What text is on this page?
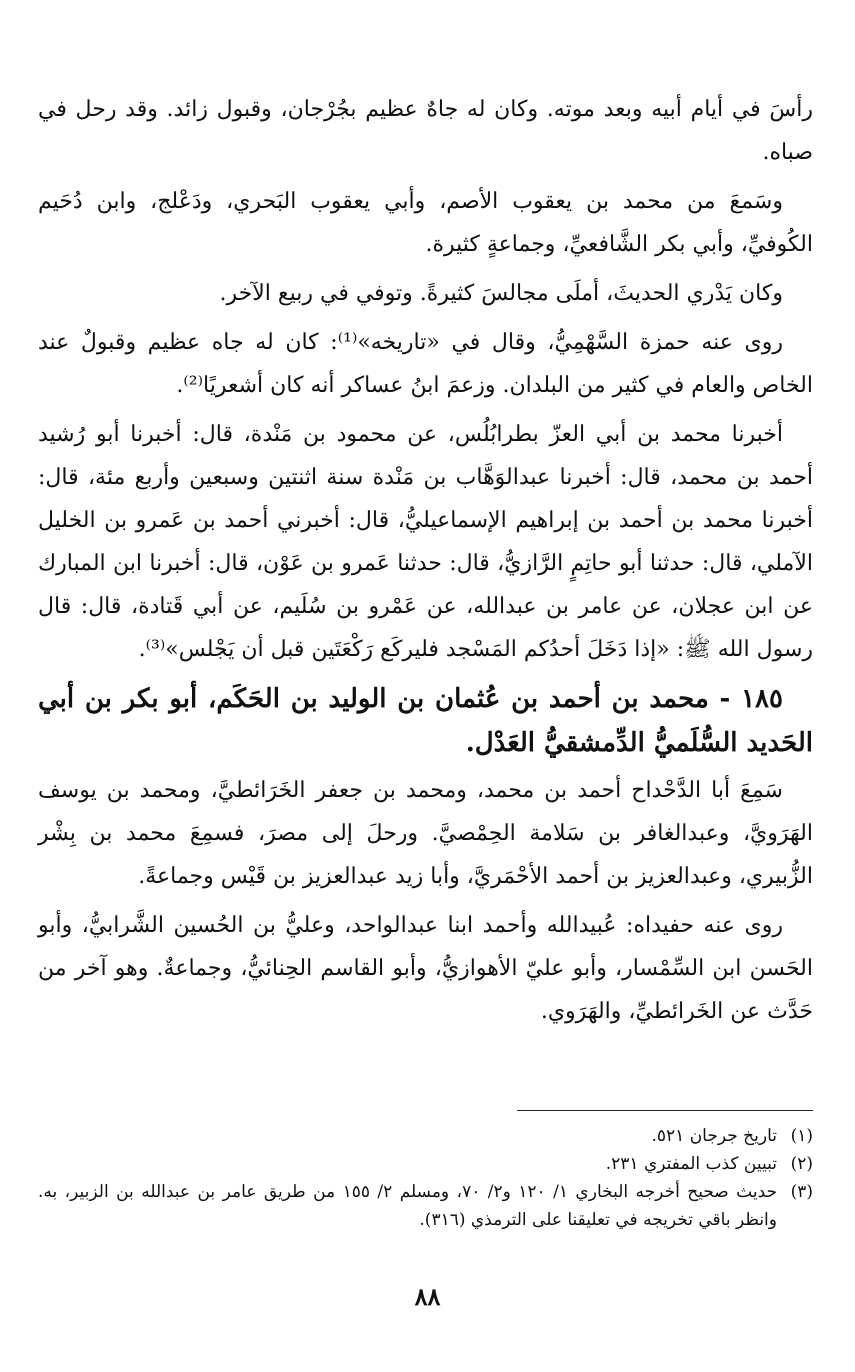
رأسَ في أيام أبيه وبعد موته. وكان له جاهٌ عظيم بجُرْجان، وقبول زائد. وقد رحل في صباه.

وسَمعَ من محمد بن يعقوب الأصم، وأبي يعقوب البَحري، ودَعْلج، وابن دُحَيم الكُوفيِّ، وأبي بكر الشَّافعيِّ، وجماعةٍ كثيرة.

وكان يَدْري الحديثَ، أملَى مجالسَ كثيرةً. وتوفي في ربيع الآخر.

روى عنه حمزة السَّهْمِيُّ، وقال في «تاريخه»⁽¹⁾: كان له جاه عظيم وقبولٌ عند الخاص والعام في كثير من البلدان. وزعمَ ابنُ عساكر أنه كان أشعريًا⁽²⁾.

أخبرنا محمد بن أبي العزّ بطرابُلُس، عن محمود بن مَنْدة، قال: أخبرنا أبو رُشيد أحمد بن محمد، قال: أخبرنا عبدالوَهَّاب بن مَنْدة سنة اثنتين وسبعين وأربع مئة، قال: أخبرنا محمد بن أحمد بن إبراهيم الإسماعيليُّ، قال: أخبرني أحمد بن عَمرو بن الخليل الآملي، قال: حدثنا أبو حاتِمٍ الرَّازيُّ، قال: حدثنا عَمرو بن عَوْن، قال: أخبرنا ابن المبارك عن ابن عجلان، عن عامر بن عبدالله، عن عَمْرو بن سُلَيم، عن أبي قَتادة، قال: قال رسول الله ﷺ: «إذا دَخَلَ أحدُكم المَسْجد فليركَع رَكْعَتَين قبل أن يَجْلس»⁽³⁾.

١٨٥ - محمد بن أحمد بن عُثمان بن الوليد بن الحَكَم، أبو بكر بن أبي الحَديد السُّلَميُّ الدِّمشقيُّ العَدْل.

سَمِعَ أبا الدَّحْداح أحمد بن محمد، ومحمد بن جعفر الخَرَائطيَّ، ومحمد بن يوسف الهَرَويَّ، وعبدالغافر بن سَلامة الحِمْصيَّ. ورحلَ إلى مصرَ، فسمِعَ محمد بن بِشْر الزُّبيري، وعبدالعزيز بن أحمد الأحْمَريَّ، وأبا زيد عبدالعزيز بن قَيْس وجماعةً.

روى عنه حفيداه: عُبيدالله وأحمد ابنا عبدالواحد، وعليُّ بن الحُسين الشَّرابيُّ، وأبو الحَسن ابن السِّمْسار، وأبو عليّ الأهوازيُّ، وأبو القاسم الحِنائيُّ، وجماعةٌ. وهو آخر من حَدَّث عن الخَرائطيِّ، والهَرَوي.

(١)
تاريخ جرجان ٥٢١.
(٢)
تبيين كذب المفتري ٢٣١.
(٣)
حديث صحيح أخرجه البخاري ١/ ١٢٠ و٢/ ٧٠، ومسلم ٢/ ١٥٥ من طريق عامر بن عبدالله بن الزبير، به. وانظر باقي تخريجه في تعليقنا على الترمذي (٣١٦).
٨٨
